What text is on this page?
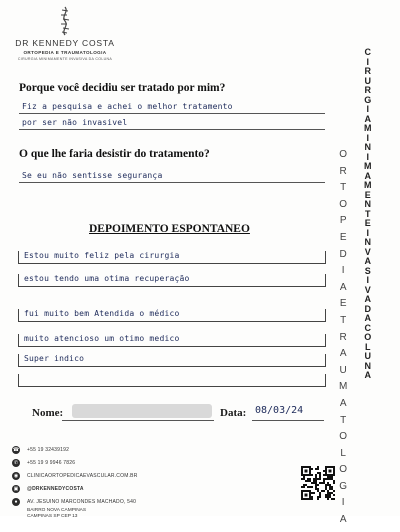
DR KENNEDY COSTA
ORTOPEDIA E TRAUMATOLOGIA
CIRURGIA MINIMAMENTE INVASIVA DA COLUNA
C
I
R
U
R
G
I
A
M
I
N
I
M
A
M
E
N
T
E
I
N
V
A
S
I
V
A
D
A
C
O
L
U
N
A
O
R
T
O
P
E
D
I
A
E
T
R
A
U
M
A
T
O
L
O
G
I
A
Porque você decidiu ser tratado por mim?
Fiz a pesquisa e achei o melhor tratamento
por ser não invasivel
O que lhe faria desistir do tratamento?
Se eu não sentisse segurança
DEPOIMENTO ESPONTANEO
Estou muito feliz pela cirurgia
estou tendo uma otima recuperação
fui muito bem Atendida o médico
muito atencioso um otimo medico
Super indico
Nome:	Data: 08/03/24
☎ +55 19 32439192
✆	+55 19 9 9946 7826
◉	CLINICAORTOPEDICAEVASCULAR.COM.BR
▣	@DRKENNEDYCOSTA
●	AV. JESUINO MARCONDES MACHADO, 540
BAIRRO NOVA CAMPINAS
CAMPINAS SP CEP 13
